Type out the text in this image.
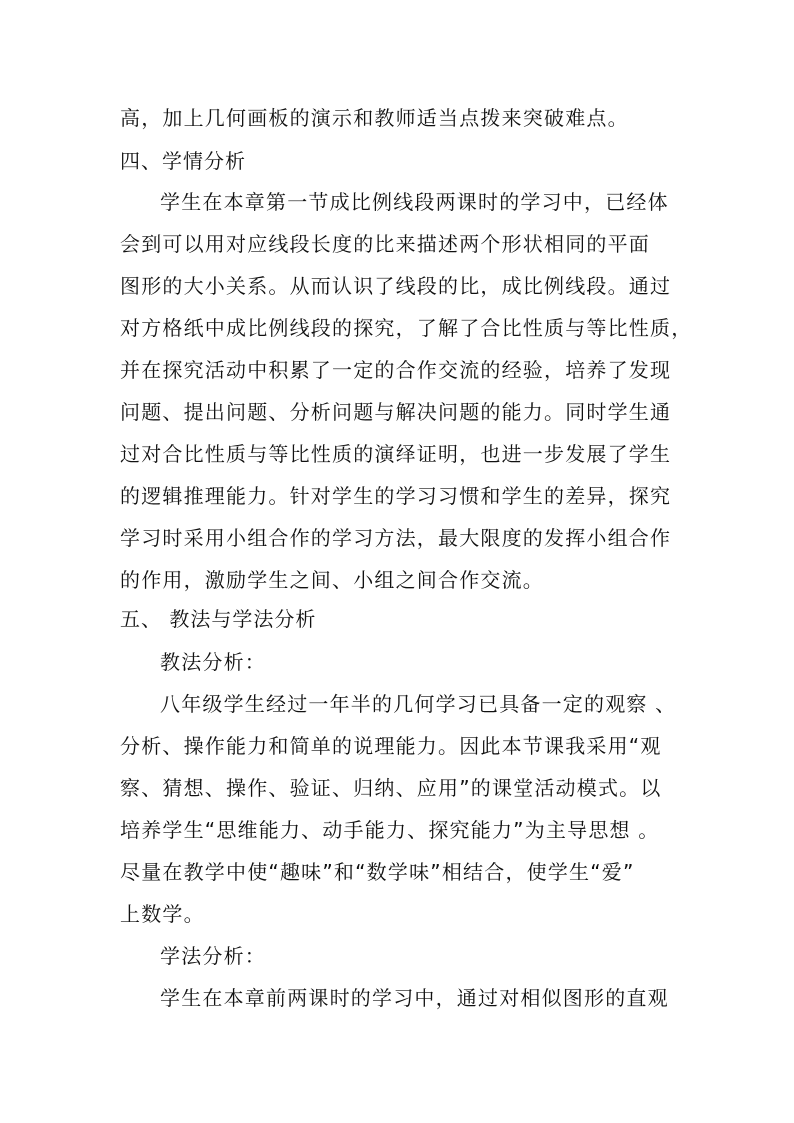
高，加上几何画板的演示和教师适当点拨来突破难点。
四、学情分析
学生在本章第一节成比例线段两课时的学习中，已经体
会到可以用对应线段长度的比来描述两个形状相同的平面
图形的大小关系。从而认识了线段的比，成比例线段。通过
对方格纸中成比例线段的探究，了解了合比性质与等比性质，
并在探究活动中积累了一定的合作交流的经验，培养了发现
问题、提出问题、分析问题与解决问题的能力。同时学生通
过对合比性质与等比性质的演绎证明，也进一步发展了学生
的逻辑推理能力。针对学生的学习习惯和学生的差异，探究
学习时采用小组合作的学习方法，最大限度的发挥小组合作
的作用，激励学生之间、小组之间合作交流。
五、 教法与学法分析
教法分析：
八年级学生经过一年半的几何学习已具备一定的观察 、
分析、操作能力和简单的说理能力。因此本节课我采用“观
察、猜想、操作、验证、归纳、应用”的课堂活动模式。以
培养学生“思维能力、动手能力、探究能力”为主导思想 。
尽量在教学中使“趣味”和“数学味”相结合，使学生“爱”
上数学。
学法分析：
学生在本章前两课时的学习中，通过对相似图形的直观
